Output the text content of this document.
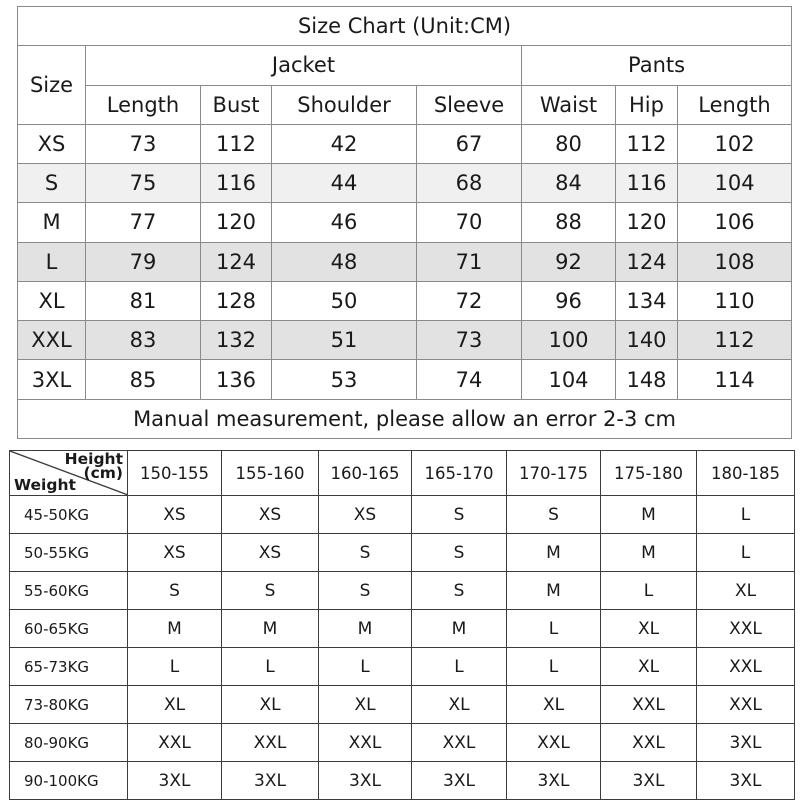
Size Chart (Unit:CM)							
Size	Jacket				Pants		
	Length	Bust	Shoulder	Sleeve	Waist	Hip	Length
XS	73	112	42	67	80	112	102
S	75	116	44	68	84	116	104
M	77	120	46	70	88	120	106
L	79	124	48	71	92	124	108
XL	81	128	50	72	96	134	110
XXL	83	132	51	73	100	140	112
3XL	85	136	53	74	104	148	114
Manual measurement, please allow an error 2-3 cm							
Height
(cm)
Weight	150-155	155-160	160-165	165-170	170-175	175-180	180-185
45-50KG	XS	XS	XS	S	S	M	L
50-55KG	XS	XS	S	S	M	M	L
55-60KG	S	S	S	S	M	L	XL
60-65KG	M	M	M	M	L	XL	XXL
65-73KG	L	L	L	L	L	XL	XXL
73-80KG	XL	XL	XL	XL	XL	XXL	XXL
80-90KG	XXL	XXL	XXL	XXL	XXL	XXL	3XL
90-100KG	3XL	3XL	3XL	3XL	3XL	3XL	3XL
